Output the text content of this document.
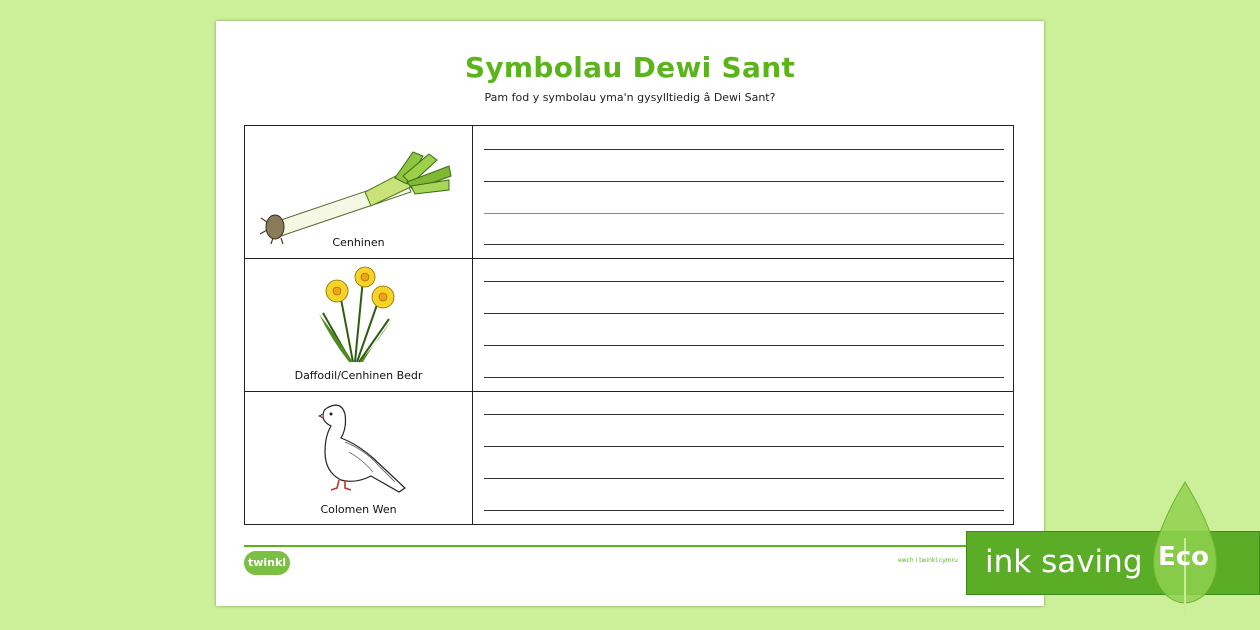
Symbolau Dewi Sant
Pam fod y symbolau yma'n gysylltiedig â Dewi Sant?
Cenhinen
Daffodil/Cenhinen Bedr
Colomen Wen
twinkl	ewch i twinkl.cymru ink saving Eco
